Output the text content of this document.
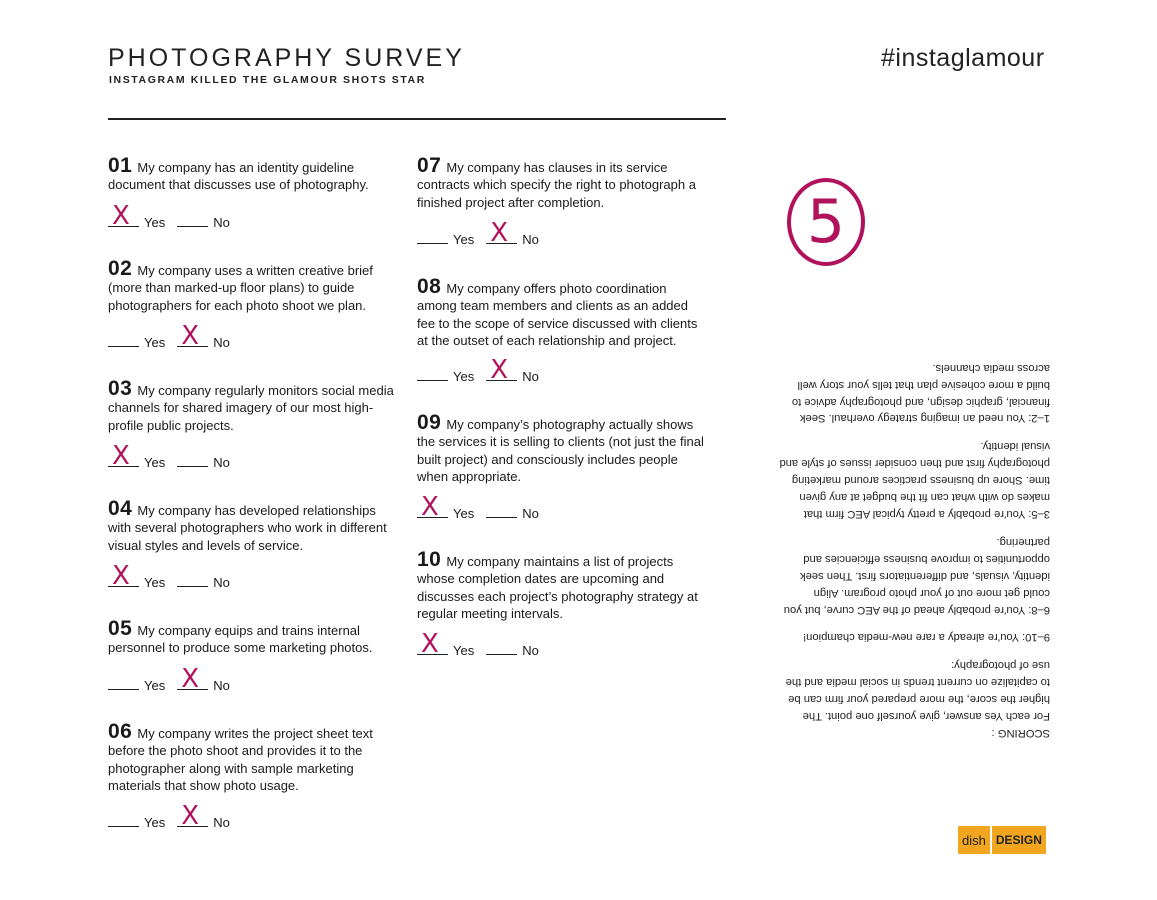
PHOTOGRAPHY SURVEY
INSTAGRAM KILLED THE GLAMOUR SHOTS STAR
#instaglamour
01 My company has an identity guideline document that discusses use of photography.
X Yes	No
02 My company uses a written creative brief (more than marked-up floor plans) to guide photographers for each photo shoot we plan.
Yes X No
03 My company regularly monitors social media channels for shared imagery of our most high-profile public projects.
X Yes	No
04 My company has developed relationships with several photographers who work in different visual styles and levels of service.
X Yes	No
05 My company equips and trains internal personnel to produce some marketing photos.
Yes X No
06 My company writes the project sheet text before the photo shoot and provides it to the photographer along with sample marketing materials that show photo usage.
Yes X No
07 My company has clauses in its service contracts which specify the right to photograph a finished project after completion.
Yes X No
08 My company offers photo coordination among team members and clients as an added fee to the scope of service discussed with clients at the outset of each relationship and project.
Yes X No
09 My company’s photography actually shows the services it is selling to clients (not just the final built project) and consciously includes people when appropriate.
X Yes	No
10 My company maintains a list of projects whose completion dates are upcoming and discusses each project’s photography strategy at regular meeting intervals.
X Yes	No
5

SCORING :

For each Yes answer, give yourself one point. The higher the score, the more prepared your firm can be to capitalize on current trends in social media and the use of photography:

9–10: You’re already a rare new-media champion!

6–8: You’re probably ahead of the AEC curve, but you could get more out of your photo program. Align identity, visuals, and differentiators first. Then seek opportunities to improve business efficiencies and partnering.

3–5: You’re probably a pretty typical AEC firm that makes do with what can fit the budget at any given time. Shore up business practices around marketing photography first and then consider issues of style and visual identity.

1–2: You need an imaging strategy overhaul. Seek financial, graphic design, and photography advice to build a more cohesive plan that tells your story well across media channels.

dish DESIGN
